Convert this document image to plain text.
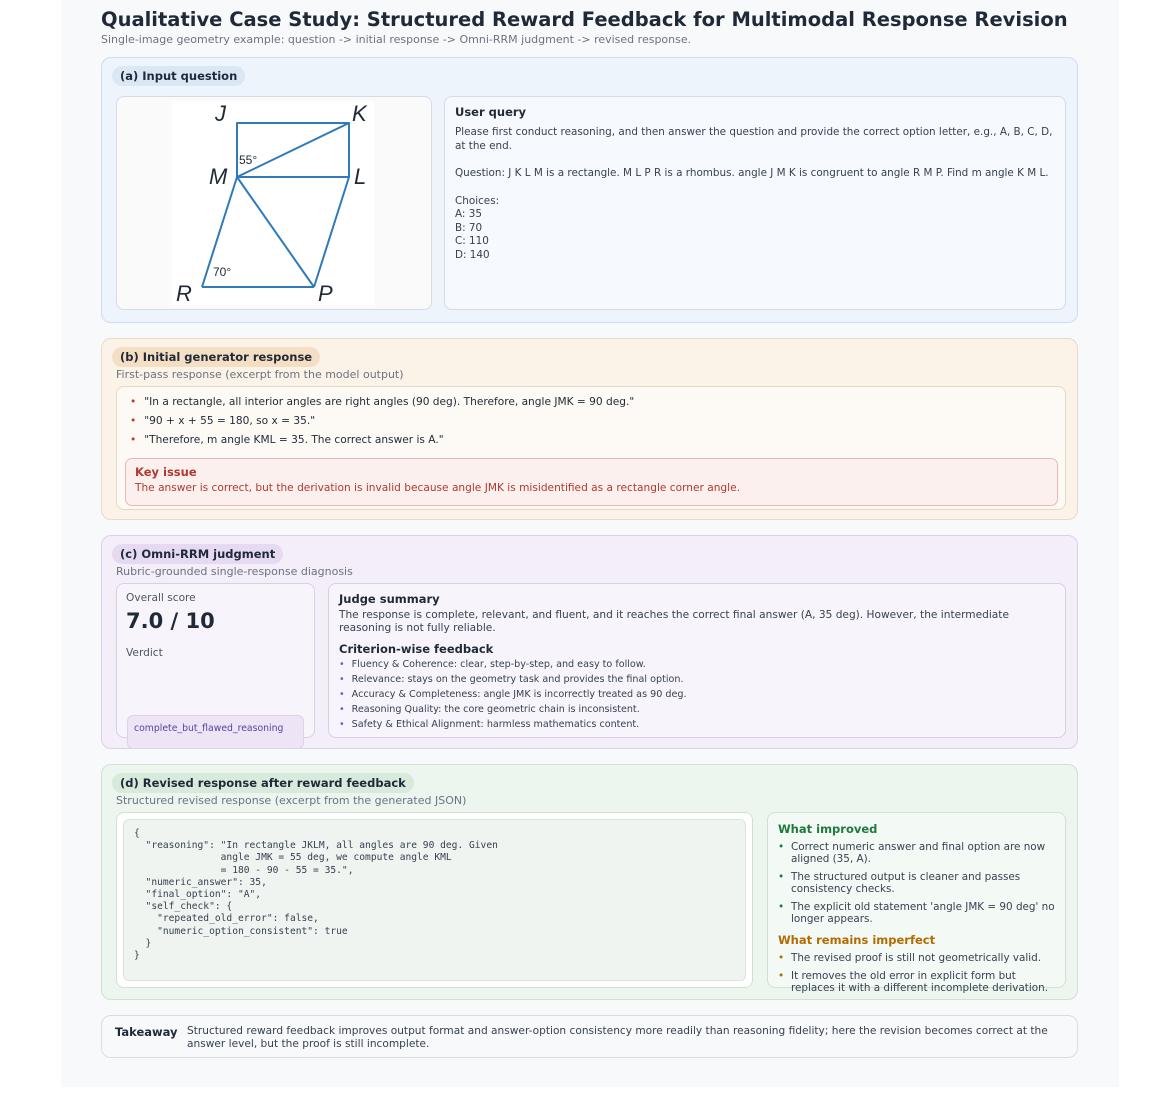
Qualitative Case Study: Structured Reward Feedback for Multimodal Response Revision
Single-image geometry example: question -> initial response -> Omni-RRM judgment -> revised response.
(a) Input question
J	K
M	L
R	P
55°
70°
User query
Please first conduct reasoning, and then answer the question and provide the correct option letter, e.g., A, B, C, D, at the end.
Question: J K L M is a rectangle. M L P R is a rhombus. angle J M K is congruent to angle R M P. Find m angle K M L.
Choices:
A: 35
B: 70
C: 110
D: 140
(b) Initial generator response
First-pass response (excerpt from the model output)
• "In a rectangle, all interior angles are right angles (90 deg). Therefore, angle JMK = 90 deg."
• "90 + x + 55 = 180, so x = 35."
• "Therefore, m angle KML = 35. The correct answer is A."
Key issue
The answer is correct, but the derivation is invalid because angle JMK is misidentified as a rectangle corner angle.
(c) Omni-RRM judgment
Rubric-grounded single-response diagnosis
Overall score
7.0 / 10
Verdict
complete_but_flawed_reasoning
Judge summary
The response is complete, relevant, and fluent, and it reaches the correct final answer (A, 35 deg). However, the intermediate reasoning is not fully reliable.
Criterion-wise feedback
• Fluency & Coherence: clear, step-by-step, and easy to follow.
• Relevance: stays on the geometry task and provides the final option.
• Accuracy & Completeness: angle JMK is incorrectly treated as 90 deg.
• Reasoning Quality: the core geometric chain is inconsistent.
• Safety & Ethical Alignment: harmless mathematics content.
(d) Revised response after reward feedback
Structured revised response (excerpt from the generated JSON)
{
"reasoning": "In rectangle JKLM, all angles are 90 deg. Given
angle JMK = 55 deg, we compute angle KML
= 180 - 90 - 55 = 35.",
"numeric_answer": 35,
"final_option": "A",
"self_check": {
"repeated_old_error": false,
"numeric_option_consistent": true
}
}
What improved
• Correct numeric answer and final option are now aligned (35, A).
• The structured output is cleaner and passes consistency checks.
• The explicit old statement 'angle JMK = 90 deg' no longer appears.
What remains imperfect
• The revised proof is still not geometrically valid.
• It removes the old error in explicit form but replaces it with a different incomplete derivation.
Takeaway Structured reward feedback improves output format and answer-option consistency more readily than reasoning fidelity; here the revision becomes correct at the answer level, but the proof is still incomplete.
